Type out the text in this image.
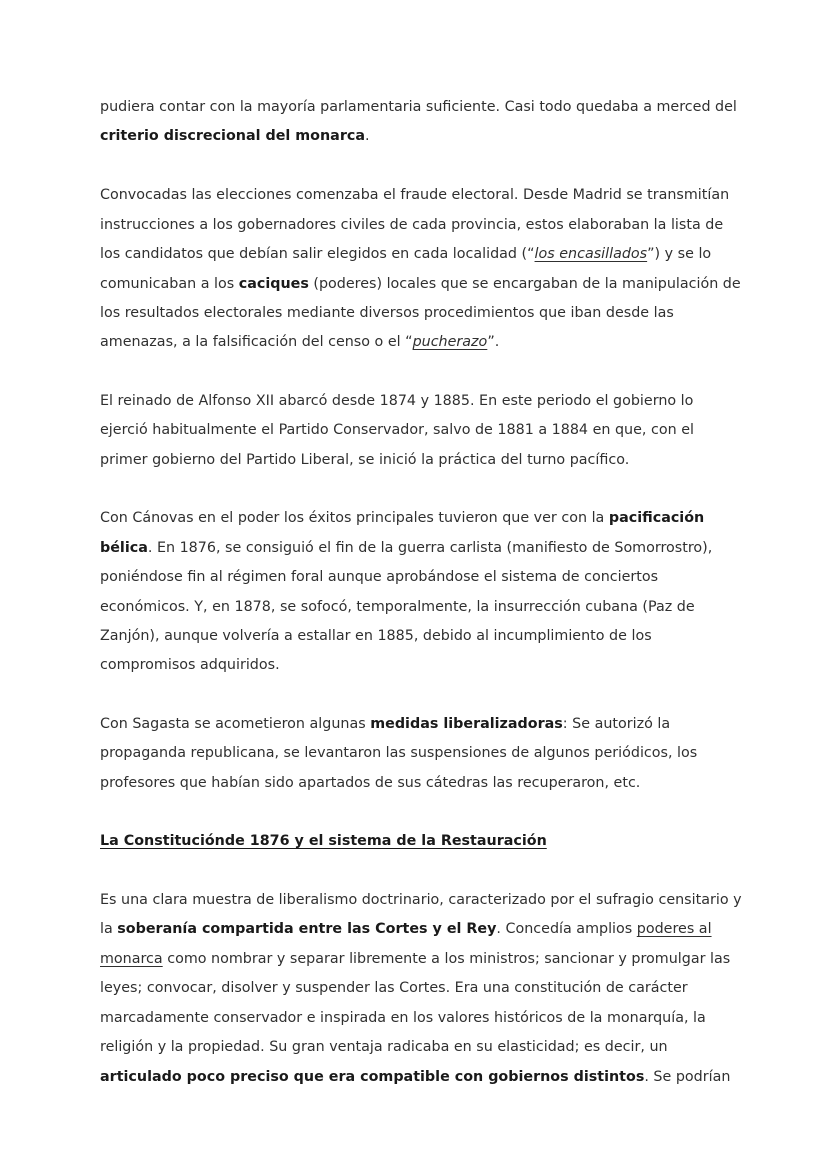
pudiera contar con la mayoría parlamentaria suficiente. Casi todo quedaba a merced del
criterio discrecional del monarca.

Convocadas las elecciones comenzaba el fraude electoral. Desde Madrid se transmitían
instrucciones a los gobernadores civiles de cada provincia, estos elaboraban la lista de
los candidatos que debían salir elegidos en cada localidad (“los encasillados”) y se lo
comunicaban a los caciques (poderes) locales que se encargaban de la manipulación de
los resultados electorales mediante diversos procedimientos que iban desde las
amenazas, a la falsificación del censo o el “pucherazo”.

El reinado de Alfonso XII abarcó desde 1874 y 1885. En este periodo el gobierno lo
ejerció habitualmente el Partido Conservador, salvo de 1881 a 1884 en que, con el
primer gobierno del Partido Liberal, se inició la práctica del turno pacífico.

Con Cánovas en el poder los éxitos principales tuvieron que ver con la pacificación
bélica. En 1876, se consiguió el fin de la guerra carlista (manifiesto de Somorrostro),
poniéndose fin al régimen foral aunque aprobándose el sistema de conciertos
económicos. Y, en 1878, se sofocó, temporalmente, la insurrección cubana (Paz de
Zanjón), aunque volvería a estallar en 1885, debido al incumplimiento de los
compromisos adquiridos.

Con Sagasta se acometieron algunas medidas liberalizadoras: Se autorizó la
propaganda republicana, se levantaron las suspensiones de algunos periódicos, los
profesores que habían sido apartados de sus cátedras las recuperaron, etc.

La Constituciónde 1876 y el sistema de la Restauración

Es una clara muestra de liberalismo doctrinario, caracterizado por el sufragio censitario y
la soberanía compartida entre las Cortes y el Rey. Concedía amplios poderes al
monarca como nombrar y separar libremente a los ministros; sancionar y promulgar las
leyes; convocar, disolver y suspender las Cortes. Era una constitución de carácter
marcadamente conservador e inspirada en los valores históricos de la monarquía, la
religión y la propiedad. Su gran ventaja radicaba en su elasticidad; es decir, un
articulado poco preciso que era compatible con gobiernos distintos. Se podrían
